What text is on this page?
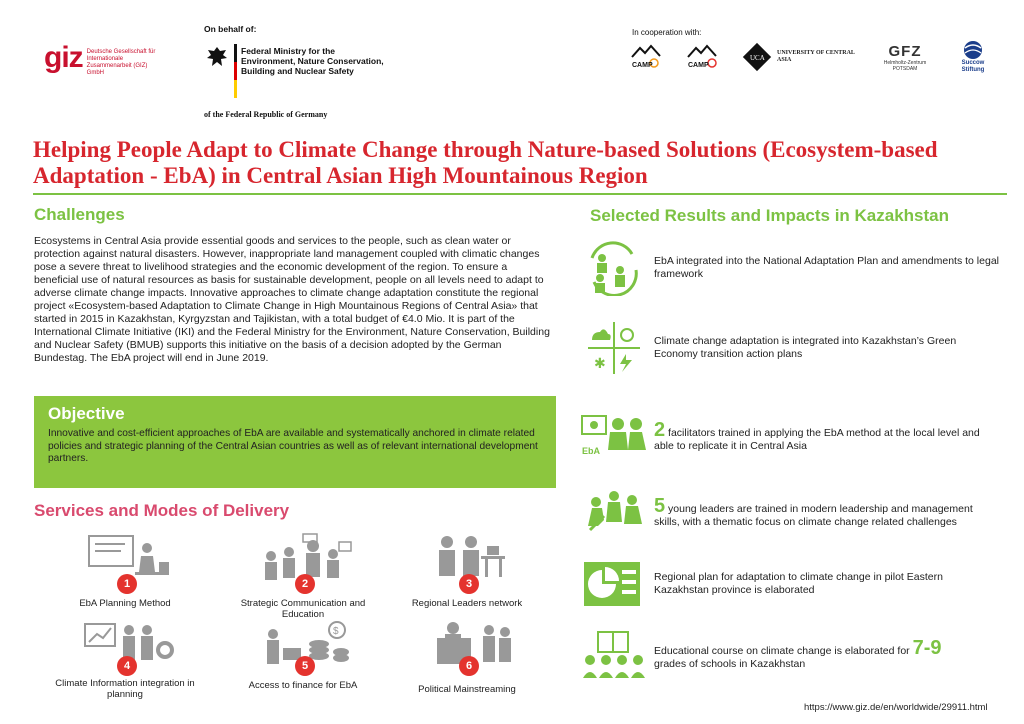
giz Deutsche Gesellschaft für Internationale Zusammenarbeit (GIZ) GmbH
On behalf of:
Federal Ministry for the Environment, Nature Conservation, Building and Nuclear Safety
of the Federal Republic of Germany
In cooperation with:
CAMP	CAMP
UCA
UNIVERSITY OF CENTRAL ASIA
GFZ
Helmholtz-Zentrum POTSDAM
Succow Stiftung
Helping People Adapt to Climate Change through Nature-based Solutions (Ecosystem-based Adaptation - EbA) in Central Asian High Mountainous Region
Challenges

Ecosystems in Central Asia provide essential goods and services to the people, such as clean water or protection against natural disasters. However, inappropriate land management coupled with climatic changes pose a severe threat to livelihood strategies and the economic development of the region. To ensure a beneficial use of natural resources as basis for sustainable development, people on all levels need to adapt to adverse climate change impacts. Innovative approaches to climate change adaptation constitute the regional project «Ecosystem-based Adaptation to Climate Change in High Mountainous Regions of Central Asia» that started in 2015 in Kazakhstan, Kyrgyzstan and Tajikistan, with a total budget of €4.0 Mio. It is part of the International Climate Initiative (IKI) and the Federal Ministry for the Environment, Nature Conservation, Building and Nuclear Safety (BMUB) supports this initiative on the basis of a decision adopted by the German Bundestag. The EbA project will end in June 2019.

Objective

Innovative and cost-efficient approaches of EbA are available and systematically anchored in climate related policies and strategic planning of the Central Asian countries as well as of relevant international development partners.

Services and Modes of Delivery
1
EbA Planning Method
2
Strategic Communication and Education
3
Regional Leaders network
4
Climate Information integration in planning
$
5
Access to finance for EbA
6
Political Mainstreaming
Selected Results and Impacts in Kazakhstan
EbA integrated into the National Adaptation Plan and amendments to legal framework
✱
Climate change adaptation is integrated into Kazakhstan’s Green Economy transition action plans
EbA
2 facilitators trained in applying the EbA method at the local level and able to replicate it in Central Asia
5 young leaders are trained in modern leadership and management skills, with a thematic focus on climate change related challenges
Regional plan for adaptation to climate change in pilot Eastern Kazakhstan province is elaborated
Educational course on climate change is elaborated for 7-9
grades of schools in Kazakhstan
https://www.giz.de/en/worldwide/29911.html
